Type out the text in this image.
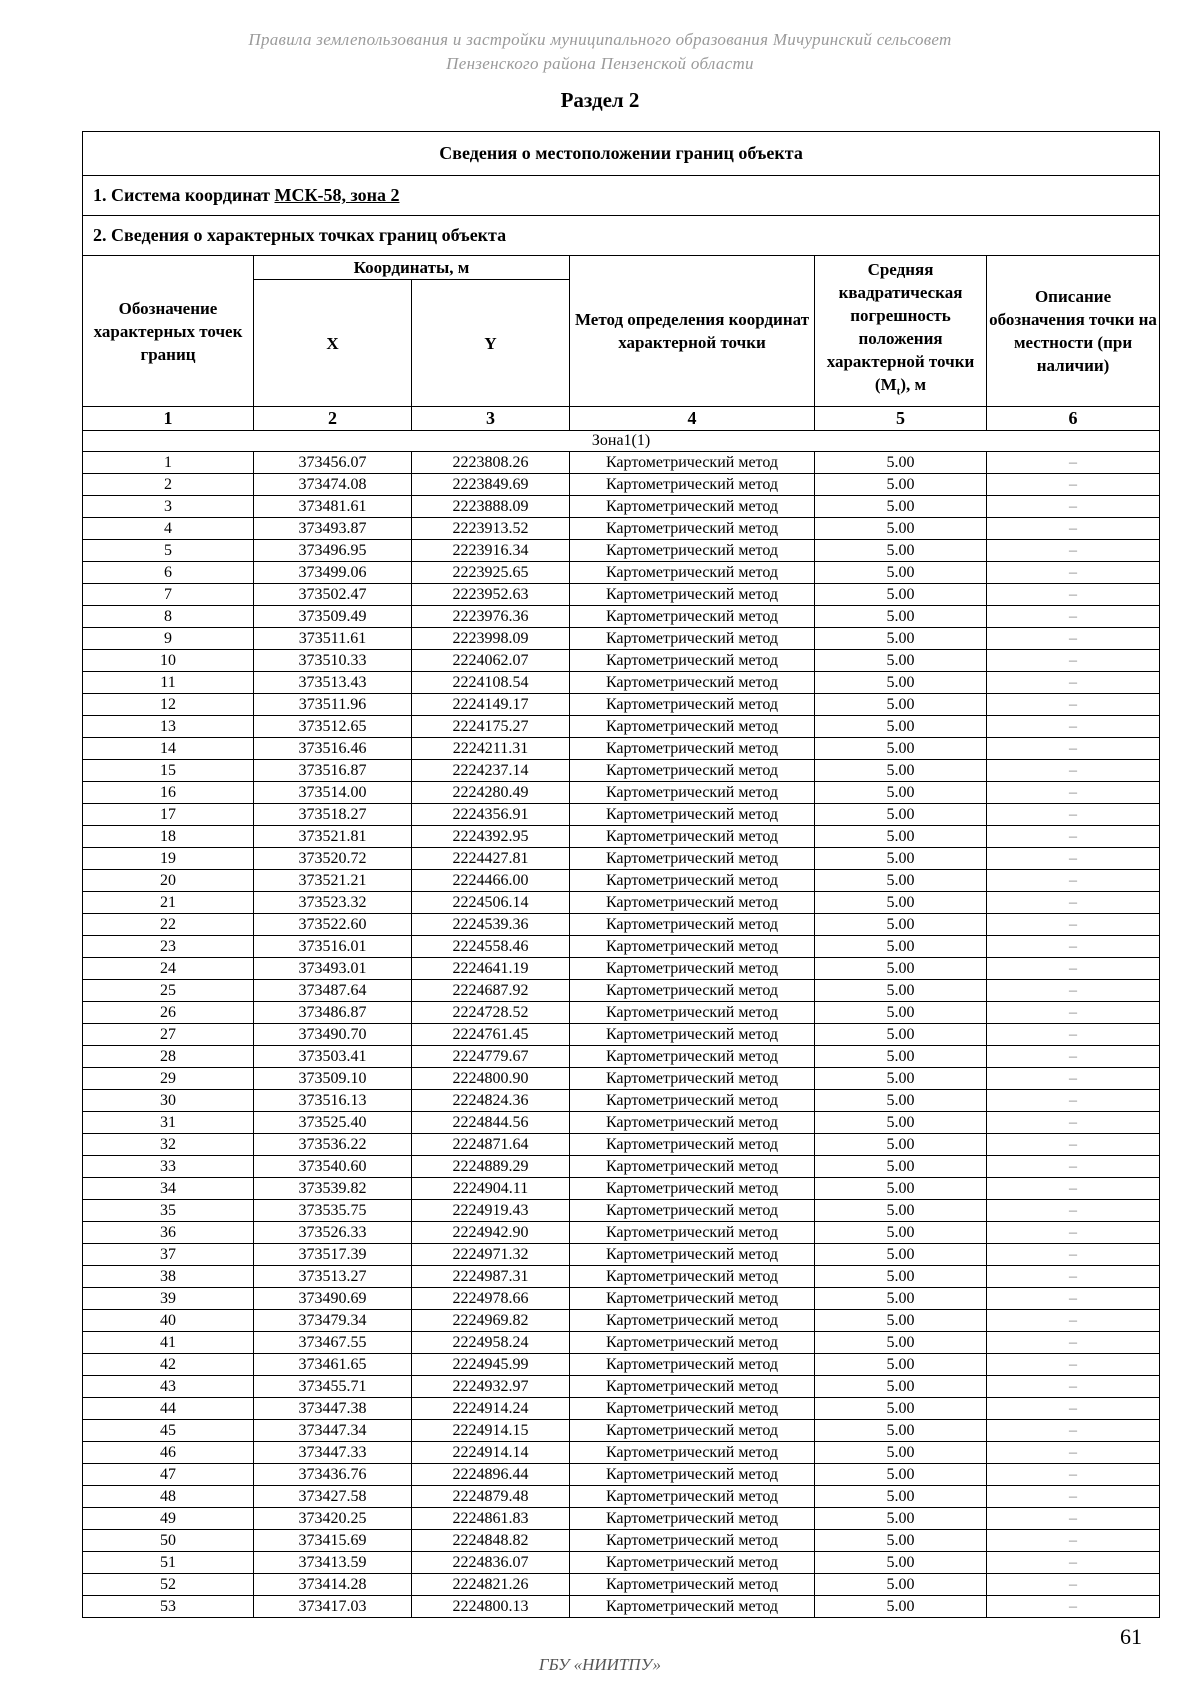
Правила землепользования и застройки муниципального образования Мичуринский сельсовет
Пензенского района Пензенской области
Раздел 2
Сведения о местоположении границ объекта					
1. Система координат МСК-58, зона 2					
2. Сведения о характерных точках границ объекта					
Обозначение характерных точек границ	Координаты, м		Метод определения координат характерной точки	Средняя квадратическая погрешность положения характерной точки $(M_t)$, м	Описание обозначения точки на местности (при наличии)
	X	Y			
1	2	3	4	5	6
Зона1(1)					
1	373456.07	2223808.26	Картометрический метод	5.00	–
2	373474.08	2223849.69	Картометрический метод	5.00	–
3	373481.61	2223888.09	Картометрический метод	5.00	–
4	373493.87	2223913.52	Картометрический метод	5.00	–
5	373496.95	2223916.34	Картометрический метод	5.00	–
6	373499.06	2223925.65	Картометрический метод	5.00	–
7	373502.47	2223952.63	Картометрический метод	5.00	–
8	373509.49	2223976.36	Картометрический метод	5.00	–
9	373511.61	2223998.09	Картометрический метод	5.00	–
10	373510.33	2224062.07	Картометрический метод	5.00	–
11	373513.43	2224108.54	Картометрический метод	5.00	–
12	373511.96	2224149.17	Картометрический метод	5.00	–
13	373512.65	2224175.27	Картометрический метод	5.00	–
14	373516.46	2224211.31	Картометрический метод	5.00	–
15	373516.87	2224237.14	Картометрический метод	5.00	–
16	373514.00	2224280.49	Картометрический метод	5.00	–
17	373518.27	2224356.91	Картометрический метод	5.00	–
18	373521.81	2224392.95	Картометрический метод	5.00	–
19	373520.72	2224427.81	Картометрический метод	5.00	–
20	373521.21	2224466.00	Картометрический метод	5.00	–
21	373523.32	2224506.14	Картометрический метод	5.00	–
22	373522.60	2224539.36	Картометрический метод	5.00	–
23	373516.01	2224558.46	Картометрический метод	5.00	–
24	373493.01	2224641.19	Картометрический метод	5.00	–
25	373487.64	2224687.92	Картометрический метод	5.00	–
26	373486.87	2224728.52	Картометрический метод	5.00	–
27	373490.70	2224761.45	Картометрический метод	5.00	–
28	373503.41	2224779.67	Картометрический метод	5.00	–
29	373509.10	2224800.90	Картометрический метод	5.00	–
30	373516.13	2224824.36	Картометрический метод	5.00	–
31	373525.40	2224844.56	Картометрический метод	5.00	–
32	373536.22	2224871.64	Картометрический метод	5.00	–
33	373540.60	2224889.29	Картометрический метод	5.00	–
34	373539.82	2224904.11	Картометрический метод	5.00	–
35	373535.75	2224919.43	Картометрический метод	5.00	–
36	373526.33	2224942.90	Картометрический метод	5.00	–
37	373517.39	2224971.32	Картометрический метод	5.00	–
38	373513.27	2224987.31	Картометрический метод	5.00	–
39	373490.69	2224978.66	Картометрический метод	5.00	–
40	373479.34	2224969.82	Картометрический метод	5.00	–
41	373467.55	2224958.24	Картометрический метод	5.00	–
42	373461.65	2224945.99	Картометрический метод	5.00	–
43	373455.71	2224932.97	Картометрический метод	5.00	–
44	373447.38	2224914.24	Картометрический метод	5.00	–
45	373447.34	2224914.15	Картометрический метод	5.00	–
46	373447.33	2224914.14	Картометрический метод	5.00	–
47	373436.76	2224896.44	Картометрический метод	5.00	–
48	373427.58	2224879.48	Картометрический метод	5.00	–
49	373420.25	2224861.83	Картометрический метод	5.00	–
50	373415.69	2224848.82	Картометрический метод	5.00	–
51	373413.59	2224836.07	Картометрический метод	5.00	–
52	373414.28	2224821.26	Картометрический метод	5.00	–
53	373417.03	2224800.13	Картометрический метод	5.00	–
61
ГБУ «НИИТПУ»
